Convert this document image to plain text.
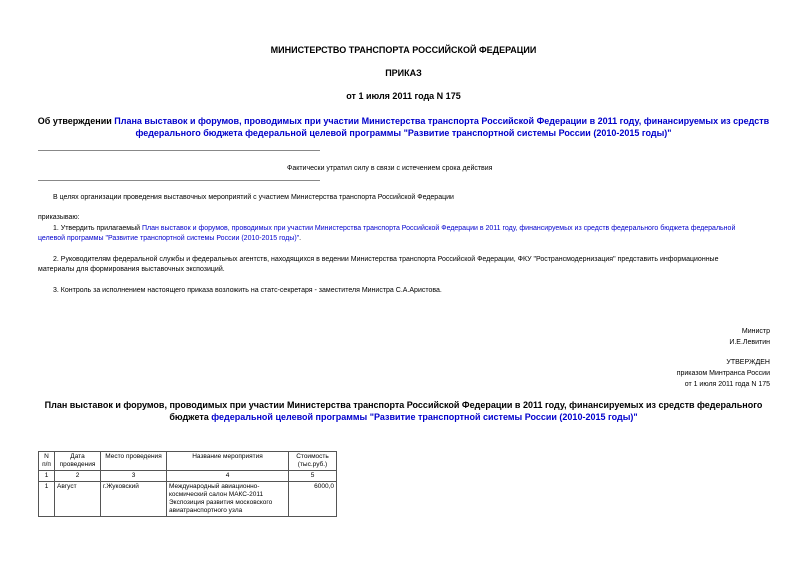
МИНИСТЕРСТВО ТРАНСПОРТА РОССИЙСКОЙ ФЕДЕРАЦИИ
ПРИКАЗ
от 1 июля 2011 года N 175
Об утверждении Плана выставок и форумов, проводимых при участии Министерства транспорта Российской Федерации в 2011 году, финансируемых из средств
федерального бюджета федеральной целевой программы "Развитие транспортной системы России (2010-2015 годы)"
Фактически утратил силу в связи с истечением срока действия
В целях организации проведения выставочных мероприятий с участием Министерства транспорта Российской Федерации
приказываю:
1. Утвердить прилагаемый План выставок и форумов, проводимых при участии Министерства транспорта Российской Федерации в 2011 году, финансируемых из средств федерального бюджета федеральной
целевой программы "Развитие транспортной системы России (2010-2015 годы)".
2. Руководителям федеральной службы и федеральных агентств, находящихся в ведении Министерства транспорта Российской Федерации, ФКУ "Ространсмодернизация" представить информационные
материалы для формирования выставочных экспозиций.
3. Контроль за исполнением настоящего приказа возложить на статс-секретаря - заместителя Министра С.А.Аристова.
Министр
И.Е.Левитин
УТВЕРЖДЕН
приказом Минтранса России
от 1 июля 2011 года N 175
План выставок и форумов, проводимых при участии Министерства транспорта Российской Федерации в 2011 году, финансируемых из средств федерального
бюджета федеральной целевой программы "Развитие транспортной системы России (2010-2015 годы)"
N п/п	Дата проведения	Место проведения	Название мероприятия	Стоимость (тыс.руб.)
1	2	3	4	5
1	Август	г.Жуковский	Международный авиационно-космический салон МАКС-2011 Экспозиция развития московского авиатранспортного узла	6000,0
